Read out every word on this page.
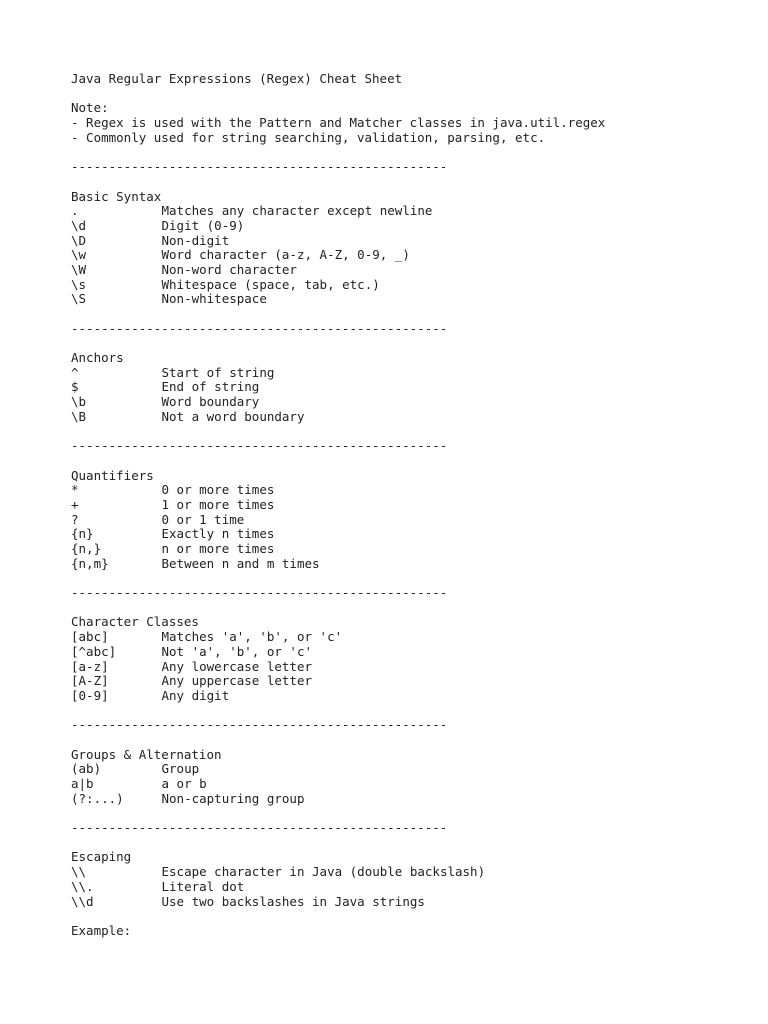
Java Regular Expressions (Regex) Cheat Sheet
Note:
- Regex is used with the Pattern and Matcher classes in java.util.regex
- Commonly used for string searching, validation, parsing, etc.
--------------------------------------------------
Basic Syntax
.	Matches any character except newline
\d	Digit (0-9)
\D	Non-digit
\w	Word character (a-z, A-Z, 0-9, _)
\W	Non-word character
\s	Whitespace (space, tab, etc.)
\S	Non-whitespace
--------------------------------------------------
Anchors
^	Start of string
$	End of string
\b	Word boundary
\B	Not a word boundary
--------------------------------------------------
Quantifiers
*	0 or more times
+	1 or more times
?	0 or 1 time
{n}	Exactly n times
{n,}	n or more times
{n,m}	Between n and m times
--------------------------------------------------
Character Classes
[abc]	Matches 'a', 'b', or 'c'
[^abc]	Not 'a', 'b', or 'c'
[a-z]	Any lowercase letter
[A-Z]	Any uppercase letter
[0-9]	Any digit
--------------------------------------------------
Groups & Alternation
(ab)	Group
a|b	a or b
(?:...)	Non-capturing group
--------------------------------------------------
Escaping
\\	Escape character in Java (double backslash)
\\.	Literal dot
\\d	Use two backslashes in Java strings
Example:
